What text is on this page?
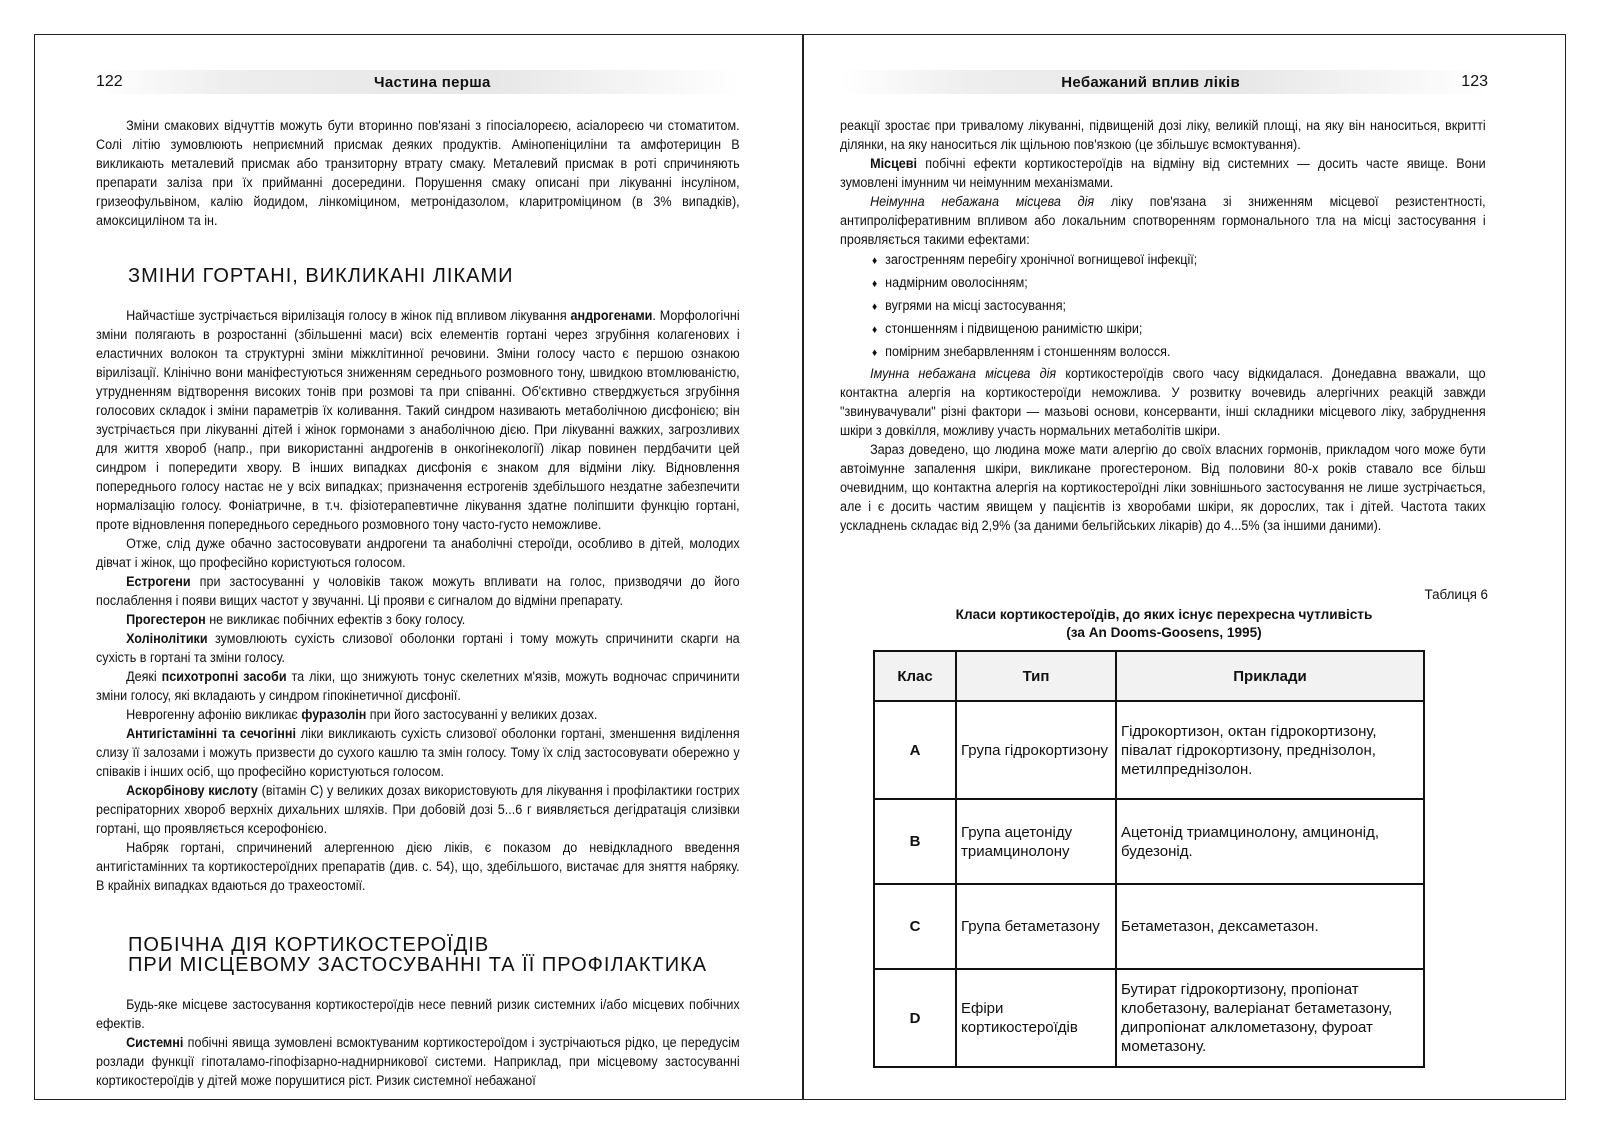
122	Частина перша

Зміни смакових відчуттів можуть бути вторинно пов'язані з гіпосіалореєю, асіалореєю чи стоматитом. Солі літію зумовлюють неприємний присмак деяких продуктів. Амінопеніциліни та амфотерицин В викликають металевий присмак або транзиторну втрату смаку. Металевий присмак в роті спричиняють препарати заліза при їх прийманні досередини. Порушення смаку описані при лікуванні інсуліном, гризеофульвіном, калію йодидом, лінкоміцином, метронідазолом, кларитроміцином (в 3% випадків), амоксициліном та ін.

ЗМІНИ ГОРТАНІ, ВИКЛИКАНІ ЛІКАМИ

Найчастіше зустрічається вірилізація голосу в жінок під впливом лікування андрогенами. Морфологічні зміни полягають в розростанні (збільшенні маси) всіх елементів гортані через згрубіння колагенових і еластичних волокон та структурні зміни міжклітинної речовини. Зміни голосу часто є першою ознакою вірилізації. Клінічно вони маніфестуються зниженням середнього розмовного тону, швидкою втомлюваністю, утрудненням відтворення високих тонів при розмові та при співанні. Об'єктивно стверджується згрубіння голосових складок і зміни параметрів їх коливання. Такий синдром називають метаболічною дисфонією; він зустрічається при лікуванні дітей і жінок гормонами з анаболічною дією. При лікуванні важких, загрозливих для життя хвороб (напр., при використанні андрогенів в онкогінекології) лікар повинен пердбачити цей синдром і попередити хвору. В інших випадках дисфонія є знаком для відміни ліку. Відновлення попереднього голосу настає не у всіх випадках; призначення естрогенів здебільшого нездатне забезпечити нормалізацію голосу. Фоніатричне, в т.ч. фізіотерапевтичне лікування здатне поліпшити функцію гортані, проте відновлення попереднього середнього розмовного тону часто-густо неможливе.

Отже, слід дуже обачно застосовувати андрогени та анаболічні стероїди, особливо в дітей, молодих дівчат і жінок, що професійно користуються голосом.

Естрогени при застосуванні у чоловіків також можуть впливати на голос, призводячи до його послаблення і появи вищих частот у звучанні. Ці прояви є сигналом до відміни препарату.

Прогестерон не викликає побічних ефектів з боку голосу.

Холінолітики зумовлюють сухість слизової оболонки гортані і тому можуть спричинити скарги на сухість в гортані та зміни голосу.

Деякі психотропні засоби та ліки, що знижують тонус скелетних м'язів, можуть водночас спричинити зміни голосу, які вкладають у синдром гіпокінетичної дисфонії.

Неврогенну афонію викликає фуразолін при його застосуванні у великих дозах.

Антигістамінні та сечогінні ліки викликають сухість слизової оболонки гортані, зменшення виділення слизу її залозами і можуть призвести до сухого кашлю та змін голосу. Тому їх слід застосовувати обережно у співаків і інших осіб, що професійно користуються голосом.

Аскорбінову кислоту (вітамін С) у великих дозах використовують для лікування і профілактики гострих респіраторних хвороб верхніх дихальних шляхів. При добовій дозі 5...6 г виявляється дегідратація слизівки гортані, що проявляється ксерофонією.

Набряк гортані, спричинений алергенною дією ліків, є показом до невідкладного введення антигістамінних та кортикостероїдних препаратів (див. с. 54), що, здебільшого, вистачає для зняття набряку. В крайніх випадках вдаються до трахеостомії.

ПОБІЧНА ДІЯ КОРТИКОСТЕРОЇДІВ
ПРИ МІСЦЕВОМУ ЗАСТОСУВАННІ ТА ЇЇ ПРОФІЛАКТИКА

Будь-яке місцеве застосування кортикостероїдів несе певний ризик системних і/або місцевих побічних ефектів.

Системні побічні явища зумовлені всмоктуваним кортикостероїдом і зустрічаються рідко, це передусім розлади функції гіпоталамо-гіпофізарно-наднирникової системи. Наприклад, при місцевому застосуванні кортикостероїдів у дітей може порушитися ріст. Ризик системної небажаної

Небажаний вплив ліків	123

реакції зростає при тривалому лікуванні, підвищеній дозі ліку, великій площі, на яку він наноситься, вкритті ділянки, на яку наноситься лік щільною пов'язкою (це збільшує всмоктування).

Місцеві побічні ефекти кортикостероїдів на відміну від системних — досить часте явище. Вони зумовлені імунним чи неімунним механізмами.

Неімунна небажана місцева дія ліку пов'язана зі зниженням місцевої резистентності, антипроліферативним впливом або локальним спотворенням гормонального тла на місці застосування і проявляється такими ефектами:

♦ загостренням перебігу хронічної вогнищевої інфекції;
♦ надмірним оволосінням;
♦ вугрями на місці застосування;
♦ стоншенням і підвищеною ранимістю шкіри;
♦ помірним знебарвленням і стоншенням волосся.

Імунна небажана місцева дія кортикостероїдів свого часу відкидалася. Донедавна вважали, що контактна алергія на кортикостероїди неможлива. У розвитку вочевидь алергічних реакцій завжди "звинувачували" різні фактори — мазьові основи, консерванти, інші складники місцевого ліку, забруднення шкіри з довкілля, можливу участь нормальних метаболітів шкіри.

Зараз доведено, що людина може мати алергію до своїх власних гормонів, прикладом чого може бути автоімунне запалення шкіри, викликане прогестероном. Від половини 80-х років ставало все більш очевидним, що контактна алергія на кортикостероїдні ліки зовнішнього застосування не лише зустрічається, але і є досить частим явищем у пацієнтів із хворобами шкіри, як дорослих, так і дітей. Частота таких ускладнень складає від 2,9% (за даними бельгійських лікарів) до 4...5% (за іншими даними).

Таблиця 6
Класи кортикостероїдів, до яких існує перехресна чутливість
(за An Dooms-Goosens, 1995)
Клас	Тип	Приклади
A	Група гідрокортизону	Гідрокортизон, октан гідрокортизону, півалат гідрокортизону, преднізолон, метилпреднізолон.
B	Група ацетоніду триамцинолону	Ацетонід триамцинолону, амцинонід, будезонід.
C	Група бетаметазону	Бетаметазон, дексаметазон.
D	Ефіри кортикостероїдів	Бутират гідрокортизону, пропіонат клобетазону, валеріанат бетаметазону, дипропіонат алклометазону, фуроат мометазону.
